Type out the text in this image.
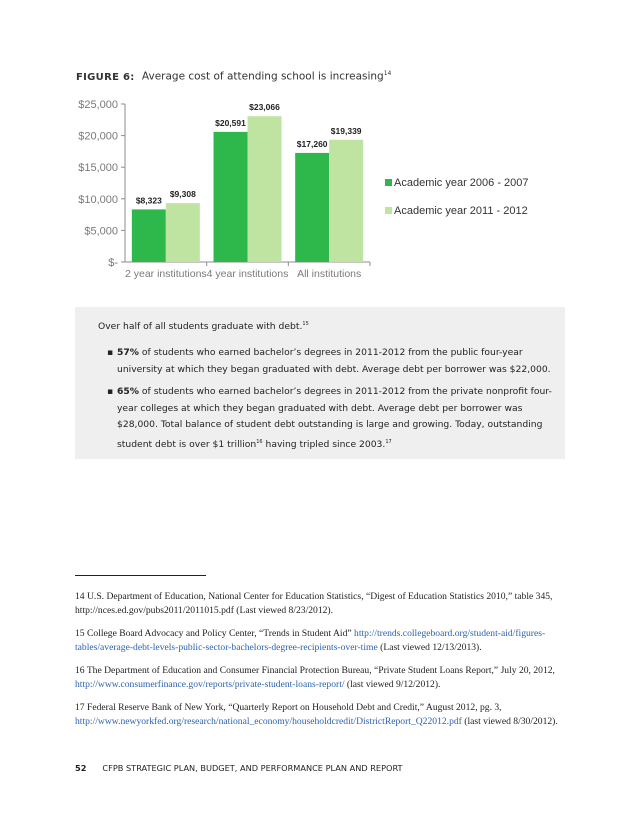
FIGURE 6: Average cost of attending school is increasing$^{14}$
$-
$5,000
$10,000
$15,000
$20,000
$25,000
2 year institutions
$8,323
$9,308
4 year institutions
$20,591
$23,066
All institutions
$17,260
$19,339
Academic year 2006 - 2007
Academic year 2011 - 2012
Over half of all students graduate with debt.$^{15}$
▪ 57% of students who earned bachelor’s degrees in 2011-2012 from the public four-year university at which they began graduated with debt. Average debt per borrower was $22,000.
▪ 65% of students who earned bachelor’s degrees in 2011-2012 from the private nonprofit four-year colleges at which they began graduated with debt. Average debt per borrower was $28,000. Total balance of student debt outstanding is large and growing. Today, outstanding student debt is over $1 trillion$^{16}$ having tripled since 2003.17
14 U.S. Department of Education, National Center for Education Statistics, “Digest of Education Statistics 2010,” table 345, http://nces.ed.gov/pubs2011/2011015.pdf (Last viewed 8/23/2012).
15 College Board Advocacy and Policy Center, “Trends in Student Aid” http://trends.collegeboard.org/student-aid/figures-tables/average-debt-levels-public-sector-bachelors-degree-recipients-over-time (Last viewed 12/13/2013).
16 The Department of Education and Consumer Financial Protection Bureau, “Private Student Loans Report,” July 20, 2012, http://www.consumerfinance.gov/reports/private-student-loans-report/ (last viewed 9/12/2012).
17 Federal Reserve Bank of New York, “Quarterly Report on Household Debt and Credit,” August 2012, pg. 3, http://www.newyorkfed.org/research/national_economy/householdcredit/DistrictReport_Q22012.pdf (last viewed 8/30/2012).
52 CFPB STRATEGIC PLAN, BUDGET, AND PERFORMANCE PLAN AND REPORT
